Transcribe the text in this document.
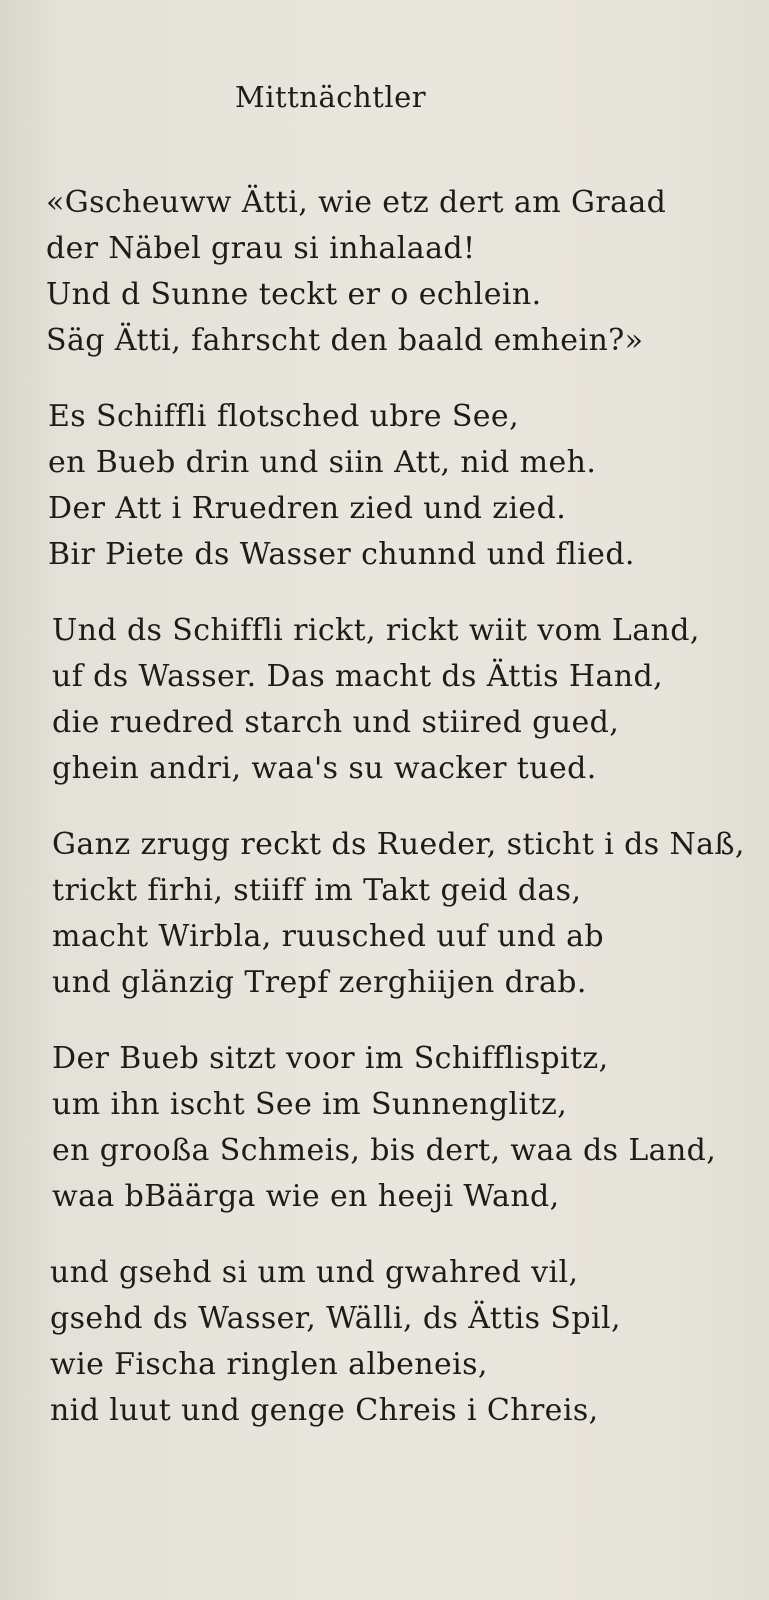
Mittnächtler
«Gscheuww Ätti, wie etz dert am Graad
der Näbel grau si inhalaad!
Und d Sunne teckt er o echlein.
Säg Ätti, fahrscht den baald emhein?»
Es Schiffli flotsched ubre See,
en Bueb drin und siin Att, nid meh.
Der Att i Rruedren zied und zied.
Bir Piete ds Wasser chunnd und flied.
Und ds Schiffli rickt, rickt wiit vom Land,
uf ds Wasser. Das macht ds Ättis Hand,
die ruedred starch und stiired gued,
ghein andri, waa's su wacker tued.
Ganz zrugg reckt ds Rueder, sticht i ds Naß,
trickt firhi, stiiff im Takt geid das,
macht Wirbla, ruusched uuf und ab
und glänzig Trepf zerghiijen drab.
Der Bueb sitzt voor im Schifflispitz,
um ihn ischt See im Sunnenglitz,
en grooßa Schmeis, bis dert, waa ds Land,
waa bBäärga wie en heeji Wand,
und gsehd si um und gwahred vil,
gsehd ds Wasser, Wälli, ds Ättis Spil,
wie Fischa ringlen albeneis,
nid luut und genge Chreis i Chreis,
